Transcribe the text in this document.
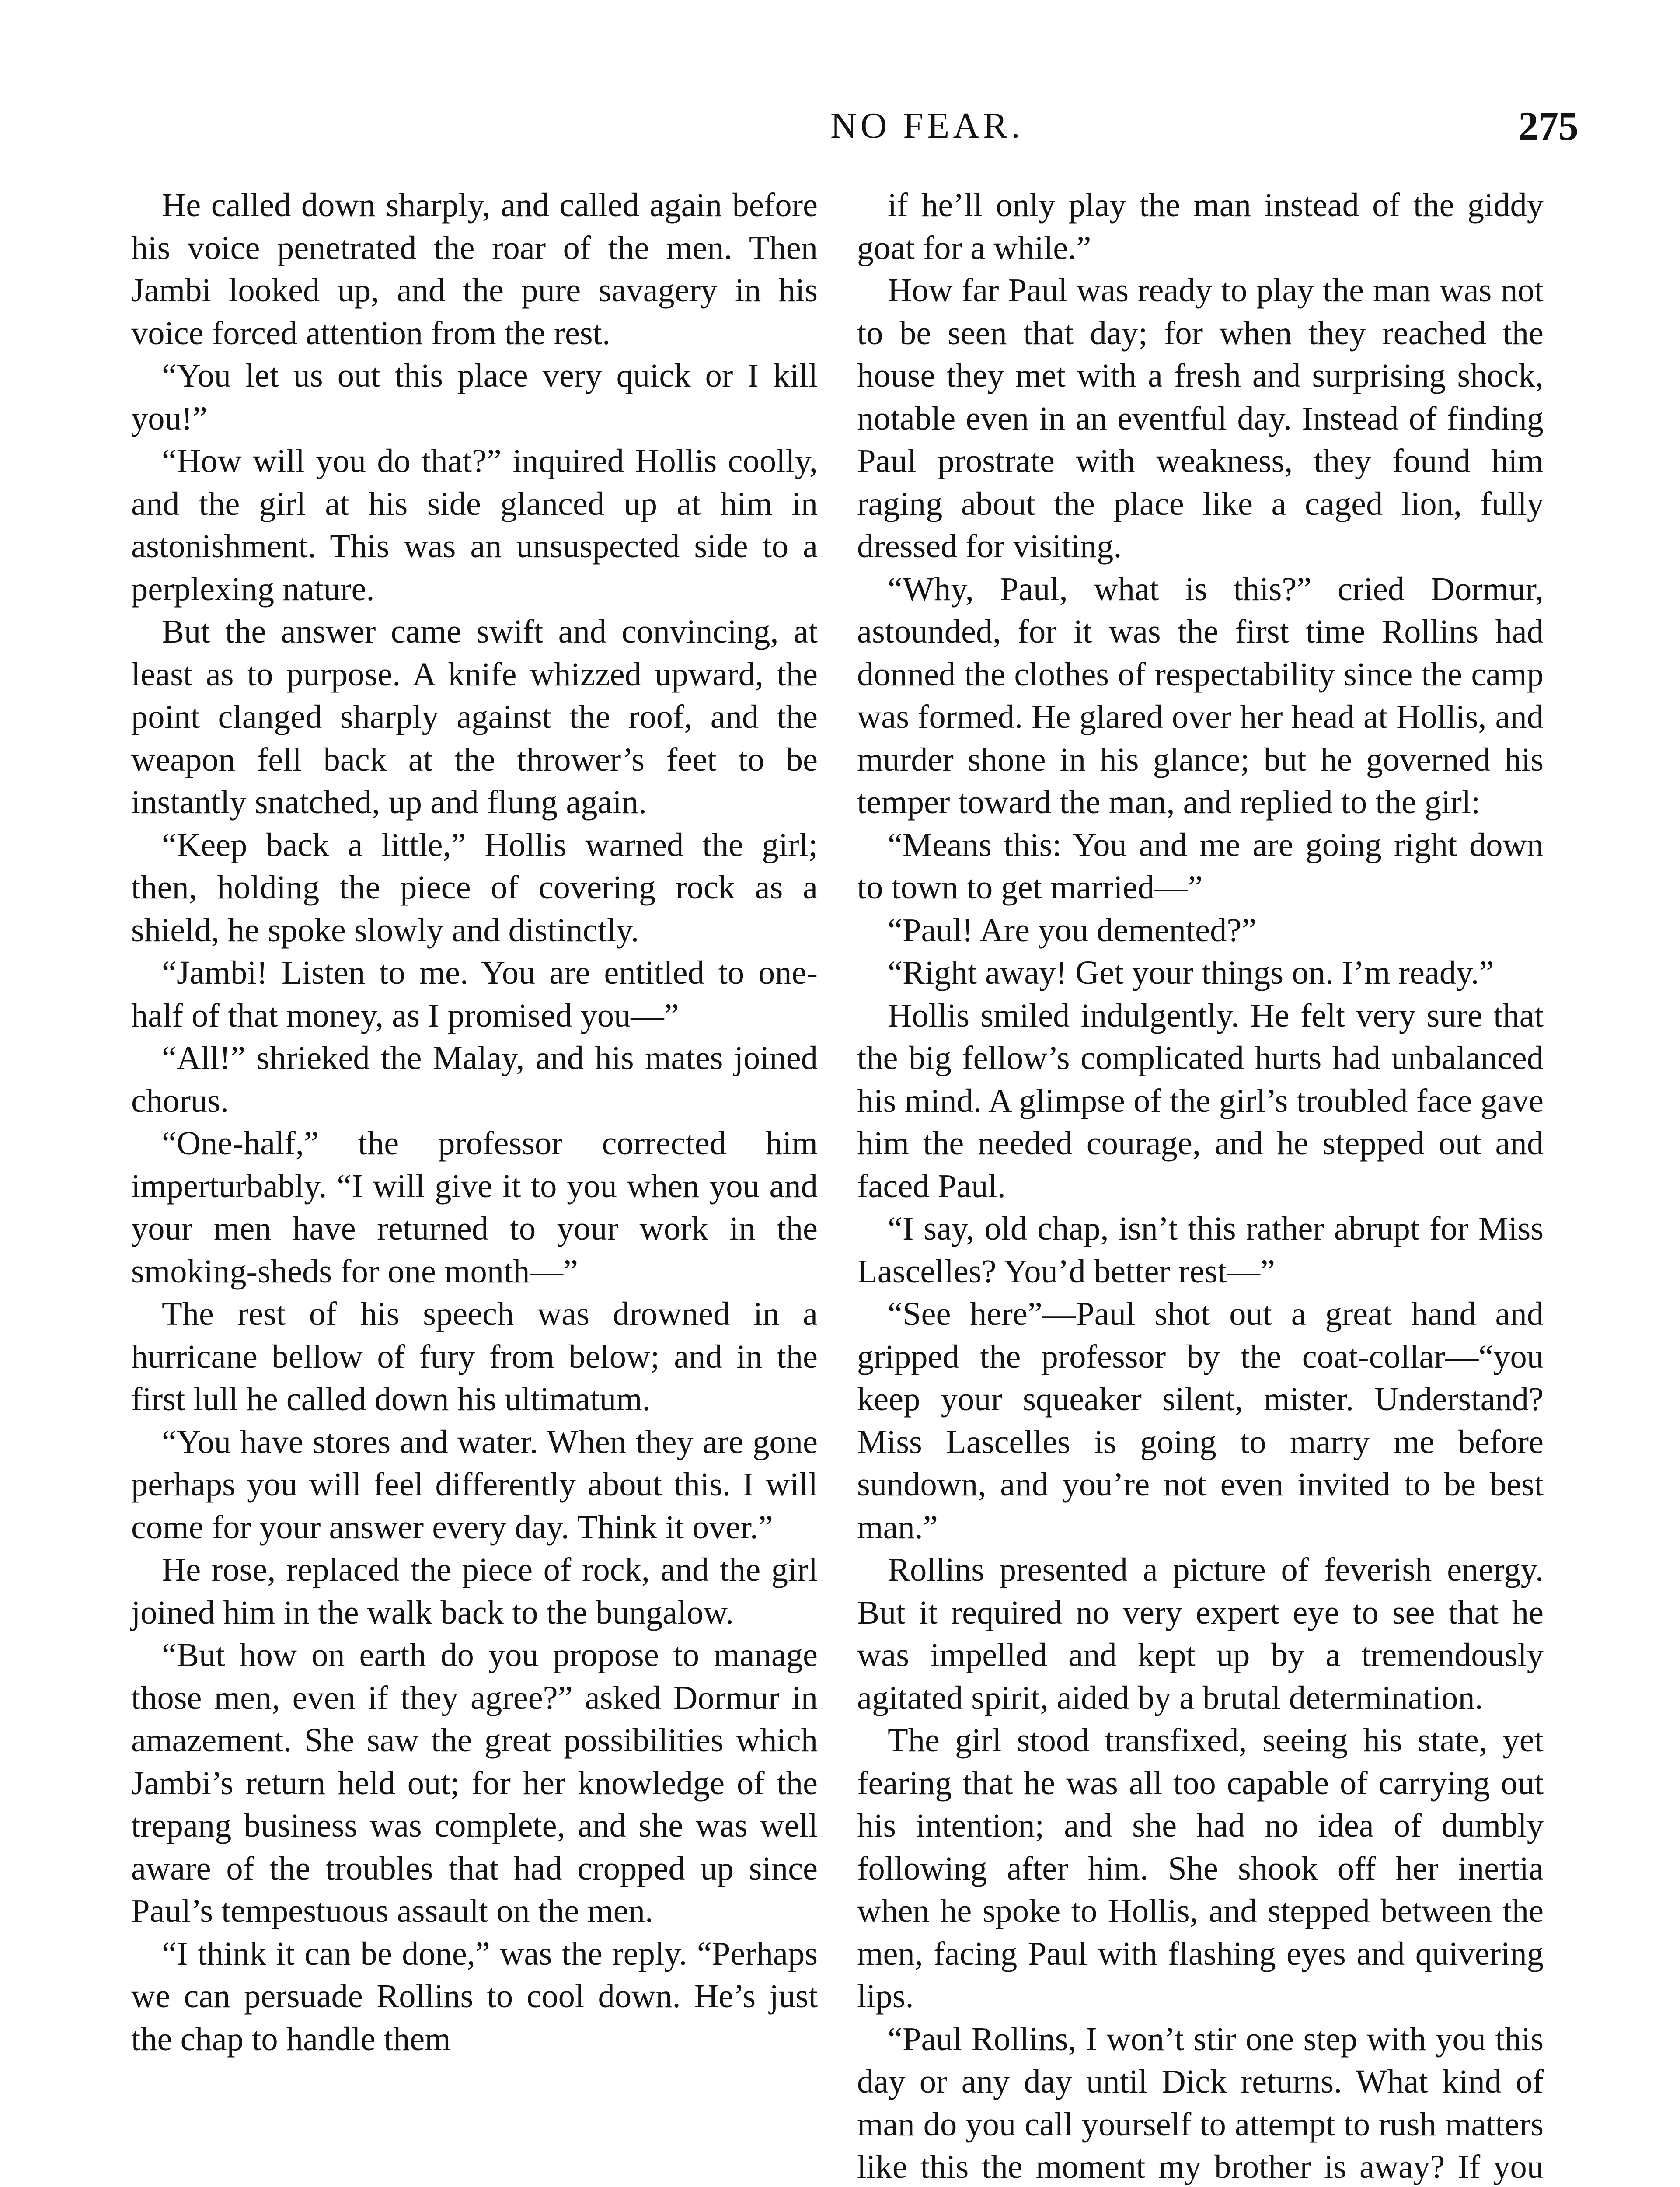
NO FEAR.	275

He called down sharply, and called again before his voice penetrated the roar of the men. Then Jambi looked up, and the pure savagery in his voice forced attention from the rest.

“You let us out this place very quick or I kill you!”

“How will you do that?” inquired Hollis coolly, and the girl at his side glanced up at him in astonishment. This was an unsuspected side to a perplexing nature.

But the answer came swift and convincing, at least as to purpose. A knife whizzed upward, the point clanged sharply against the roof, and the weapon fell back at the thrower’s feet to be instantly snatched, up and flung again.

“Keep back a little,” Hollis warned the girl; then, holding the piece of covering rock as a shield, he spoke slowly and distinctly.

“Jambi! Listen to me. You are entitled to one-half of that money, as I promised you—”

“All!” shrieked the Malay, and his mates joined chorus.

“One-half,” the professor corrected him imperturbably. “I will give it to you when you and your men have returned to your work in the smoking-sheds for one month—”

The rest of his speech was drowned in a hurricane bellow of fury from below; and in the first lull he called down his ultimatum.

“You have stores and water. When they are gone perhaps you will feel differently about this. I will come for your answer every day. Think it over.”

He rose, replaced the piece of rock, and the girl joined him in the walk back to the bungalow.

“But how on earth do you propose to manage those men, even if they agree?” asked Dormur in amazement. She saw the great possibilities which Jambi’s return held out; for her knowledge of the trepang business was complete, and she was well aware of the troubles that had cropped up since Paul’s tempestuous assault on the men.

“I think it can be done,” was the reply. “Perhaps we can persuade Rollins to cool down. He’s just the chap to handle them

if he’ll only play the man instead of the giddy goat for a while.”

How far Paul was ready to play the man was not to be seen that day; for when they reached the house they met with a fresh and surprising shock, notable even in an eventful day. Instead of finding Paul prostrate with weakness, they found him raging about the place like a caged lion, fully dressed for visiting.

“Why, Paul, what is this?” cried Dormur, astounded, for it was the first time Rollins had donned the clothes of respectability since the camp was formed. He glared over her head at Hollis, and murder shone in his glance; but he governed his temper toward the man, and replied to the girl:

“Means this: You and me are going right down to town to get married—”

“Paul! Are you demented?”

“Right away! Get your things on. I’m ready.”

Hollis smiled indulgently. He felt very sure that the big fellow’s complicated hurts had unbalanced his mind. A glimpse of the girl’s troubled face gave him the needed courage, and he stepped out and faced Paul.

“I say, old chap, isn’t this rather abrupt for Miss Lascelles? You’d better rest—”

“See here”—Paul shot out a great hand and gripped the professor by the coat-collar—“you keep your squeaker silent, mister. Understand? Miss Lascelles is going to marry me before sundown, and you’re not even invited to be best man.”

Rollins presented a picture of feverish energy. But it required no very expert eye to see that he was impelled and kept up by a tremendously agitated spirit, aided by a brutal determination.

The girl stood transfixed, seeing his state, yet fearing that he was all too capable of carrying out his intention; and she had no idea of dumbly following after him. She shook off her inertia when he spoke to Hollis, and stepped between the men, facing Paul with flashing eyes and quivering lips.

“Paul Rollins, I won’t stir one step with you this day or any day until Dick returns. What kind of man do you call yourself to attempt to rush matters like this the moment my brother is away? If you
